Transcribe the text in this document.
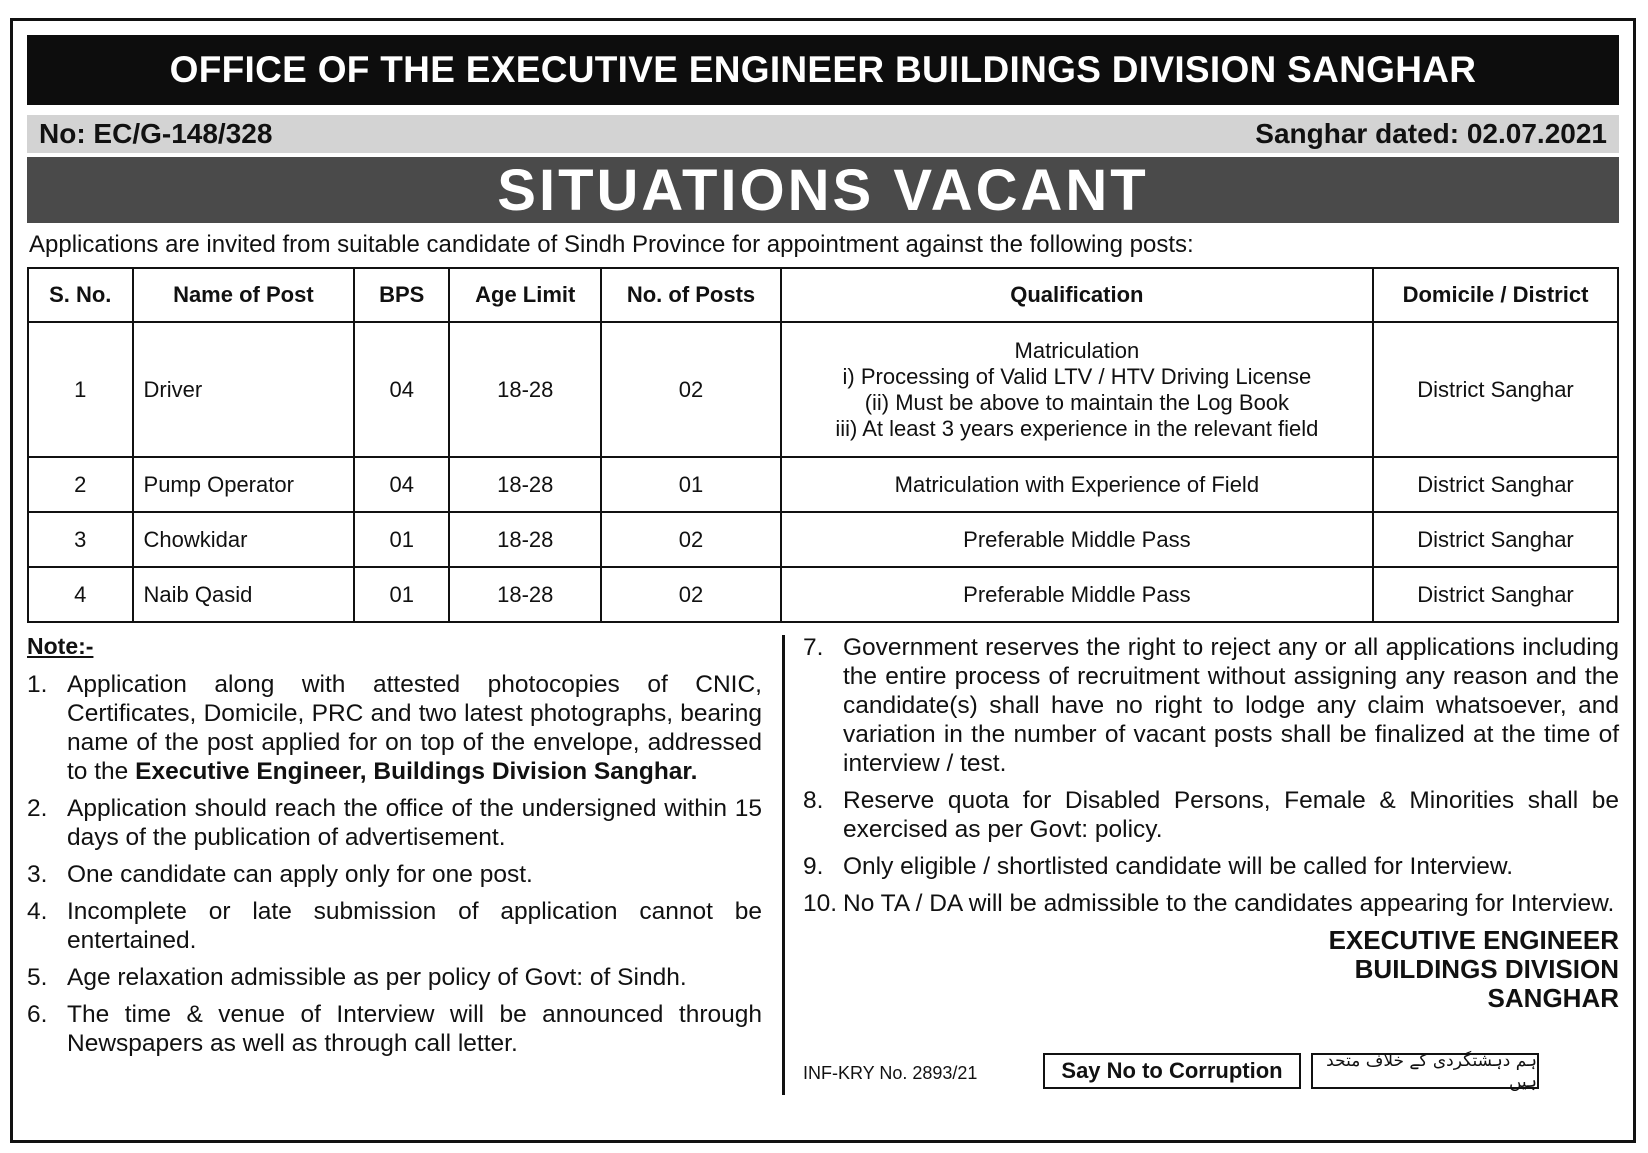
OFFICE OF THE EXECUTIVE ENGINEER BUILDINGS DIVISION SANGHAR
No: EC/G-148/328	Sanghar dated: 02.07.2021
SITUATIONS VACANT
Applications are invited from suitable candidate of Sindh Province for appointment against the following posts:
S. No.	Name of Post	BPS	Age Limit	No. of Posts	Qualification	Domicile / District
1	Driver	04	18-28	02	Matriculation
i) Processing of Valid LTV / HTV Driving License
(ii) Must be above to maintain the Log Book
iii) At least 3 years experience in the relevant field	District Sanghar
2	Pump Operator	04	18-28	01	Matriculation with Experience of Field	District Sanghar
3	Chowkidar	01	18-28	02	Preferable Middle Pass	District Sanghar
4	Naib Qasid	01	18-28	02	Preferable Middle Pass	District Sanghar
Note:-
1. Application along with attested photocopies of CNIC, Certificates, Domicile, PRC and two latest photographs, bearing name of the post applied for on top of the envelope, addressed to the Executive Engineer, Buildings Division Sanghar.
2. Application should reach the office of the undersigned within 15 days of the publication of advertisement.
3. One candidate can apply only for one post.
4. Incomplete or late submission of application cannot be entertained.
5. Age relaxation admissible as per policy of Govt: of Sindh.
6. The time & venue of Interview will be announced through Newspapers as well as through call letter.
7. Government reserves the right to reject any or all applications including the entire process of recruitment without assigning any reason and the candidate(s) shall have no right to lodge any claim whatsoever, and variation in the number of vacant posts shall be finalized at the time of interview / test.
8. Reserve quota for Disabled Persons, Female & Minorities shall be exercised as per Govt: policy.
9. Only eligible / shortlisted candidate will be called for Interview.
10. No TA / DA will be admissible to the candidates appearing for Interview.
EXECUTIVE ENGINEER
BUILDINGS DIVISION
SANGHAR
INF-KRY No. 2893/21	Say No to Corruption	ہم دہشتگردی کے خلاف متحد ہیں
